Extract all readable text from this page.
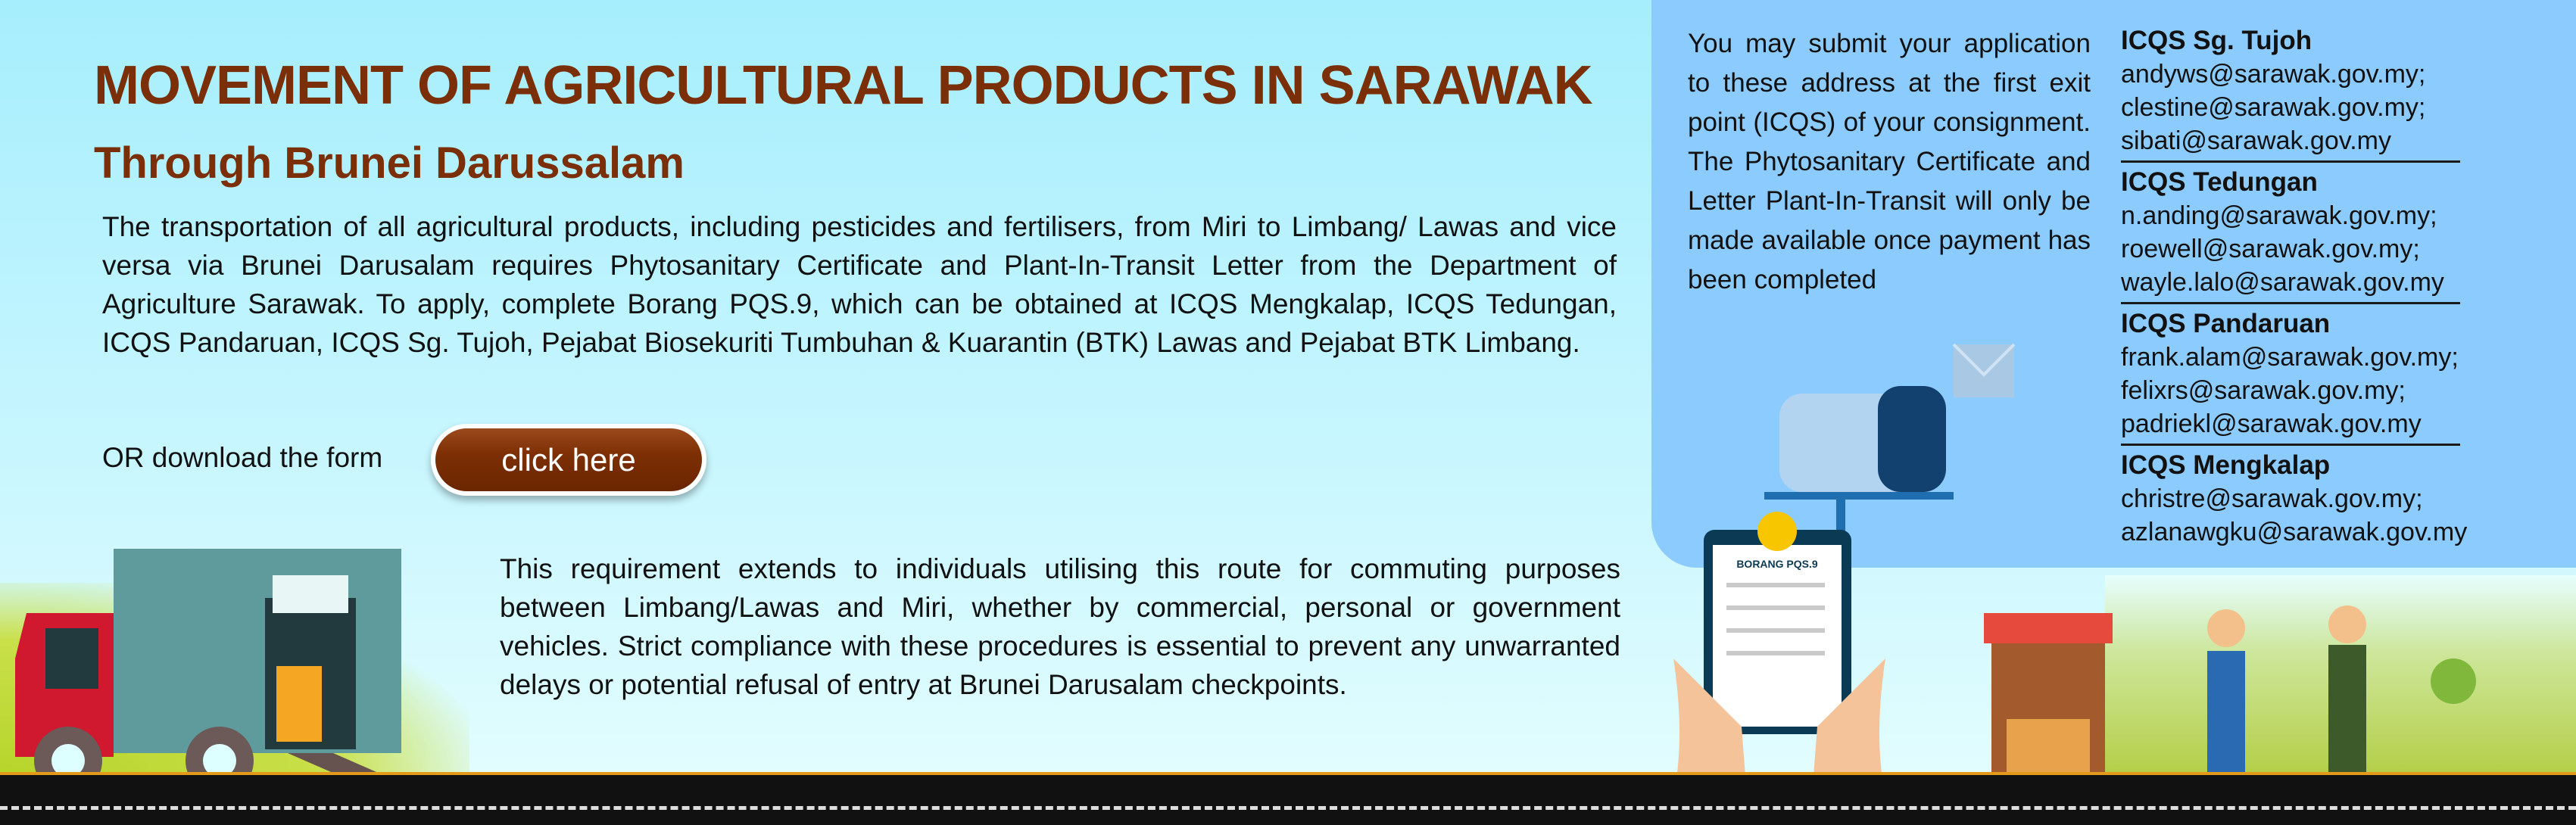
BORANG PQS.9
MOVEMENT OF AGRICULTURAL PRODUCTS IN SARAWAK
Through Brunei Darussalam

The transportation of all agricultural products, including pesticides and fertilisers, from Miri to Limbang/ Lawas and vice versa via Brunei Darusalam requires Phytosanitary Certificate and Plant-In-Transit Letter from the Department of Agriculture Sarawak. To apply, complete Borang PQS.9, which can be obtained at ICQS Mengkalap, ICQS Tedungan, ICQS Pandaruan, ICQS Sg. Tujoh, Pejabat Biosekuriti Tumbuhan & Kuarantin (BTK) Lawas and Pejabat BTK Limbang.

OR download the form	click here

This requirement extends to individuals utilising this route for commuting purposes between Limbang/Lawas and Miri, whether by commercial, personal or government vehicles. Strict compliance with these procedures is essential to prevent any unwarranted delays or potential refusal of entry at Brunei Darusalam checkpoints.

You may submit your application to these address at the first exit point (ICQS) of your consignment. The Phytosanitary Certificate and Letter Plant-In-Transit will only be made available once payment has been completed

ICQS Sg. Tujoh
andyws@sarawak.gov.my;
clestine@sarawak.gov.my;
sibati@sarawak.gov.my
ICQS Tedungan
n.anding@sarawak.gov.my;
roewell@sarawak.gov.my;
wayle.lalo@sarawak.gov.my
ICQS Pandaruan
frank.alam@sarawak.gov.my;
felixrs@sarawak.gov.my;
padriekl@sarawak.gov.my
ICQS Mengkalap
christre@sarawak.gov.my;
azlanawgku@sarawak.gov.my
